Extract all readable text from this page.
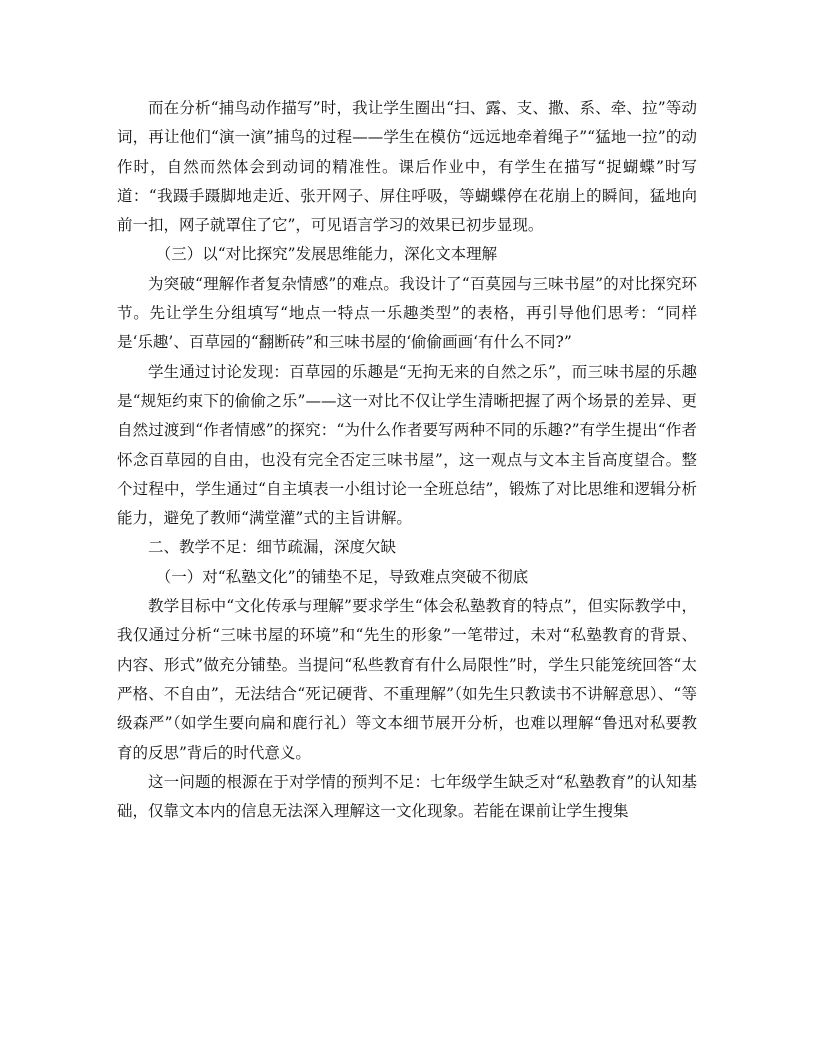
而在分析“捕鸟动作描写”时，我让学生圈出“扫、露、支、撒、系、牵、拉”等动词，再让他们“演一演”捕鸟的过程——学生在模仿“远远地牵着绳子”“猛地一拉”的动作时，自然而然体会到动词的精准性。课后作业中，有学生在描写“捉蝴蝶”时写道：“我蹑手蹑脚地走近、张开网子、屏住呼吸，等蝴蝶停在花崩上的瞬间，猛地向前一扣，网子就罩住了它”，可见语言学习的效果已初步显现。

（三）以“对比探究”发展思维能力，深化文本理解

为突破“理解作者复杂情感”的难点。我设计了“百莫园与三味书屋”的对比探究环节。先让学生分组填写“地点一特点一乐趣类型”的表格，再引导他们思考：“同样是‘乐趣’、百草园的“翻断砖”和三味书屋的‘偷偷画画‘有什么不同?”

学生通过讨论发现：百草园的乐趣是“无拘无来的自然之乐”，而三味书屋的乐趣是“规矩约束下的偷偷之乐”——这一对比不仅让学生清晰把握了两个场景的差异、更自然过渡到“作者情感”的探究：“为什么作者要写两种不同的乐趣?”有学生提出“作者怀念百草园的自由，也没有完全否定三味书屋”，这一观点与文本主旨高度望合。整个过程中，学生通过“自主填表一小组讨论一全班总结”，锻炼了对比思维和逻辑分析能力，避免了教师“满堂灌”式的主旨讲解。

二、教学不足：细节疏漏，深度欠缺

（一）对“私塾文化”的铺垫不足，导致难点突破不彻底

教学目标中“文化传承与理解”要求学生“体会私塾教育的特点”，但实际教学中，我仅通过分析“三味书屋的环境”和“先生的形象”一笔带过，未对“私塾教育的背景、内容、形式”做充分铺垫。当提问“私些教育有什么局限性”时，学生只能笼统回答“太严格、不自由”，无法结合“死记硬背、不重理解”（如先生只教读书不讲解意思）、“等级森严”（如学生要向扁和鹿行礼）等文本细节展开分析，也难以理解“鲁迅对私要教育的反思”背后的时代意义。

这一问题的根源在于对学情的预判不足：七年级学生缺乏对“私塾教育”的认知基础，仅靠文本内的信息无法深入理解这一文化现象。若能在课前让学生搜集
